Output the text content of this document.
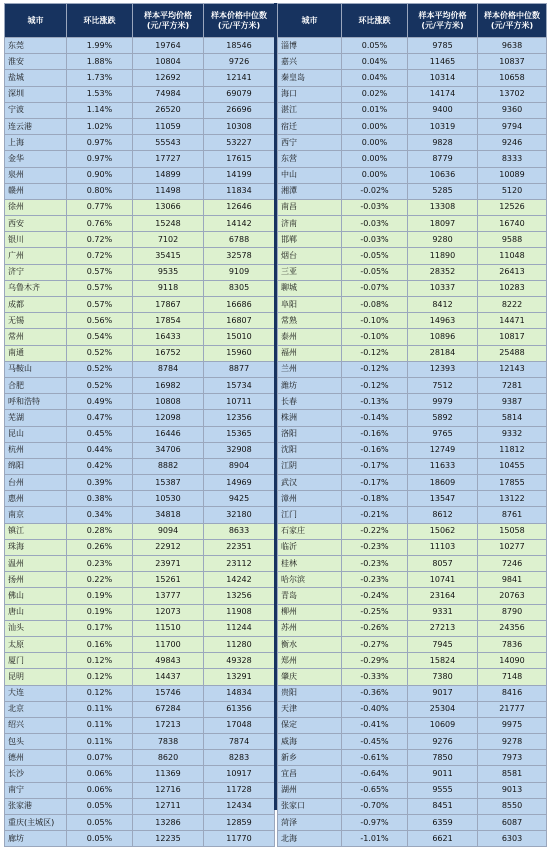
城市	环比涨跌	样本平均价格
(元/平方米)	样本价格中位数
(元/平方米)
东莞	1.99%	19764	18546
淮安	1.88%	10804	9726
盐城	1.73%	12692	12141
深圳	1.53%	74984	69079
宁波	1.14%	26520	26696
连云港	1.02%	11059	10308
上海	0.97%	55543	53227
金华	0.97%	17727	17615
泉州	0.90%	14899	14199
赣州	0.80%	11498	11834
徐州	0.77%	13066	12646
西安	0.76%	15248	14142
银川	0.72%	7102	6788
广州	0.72%	35415	32578
济宁	0.57%	9535	9109
乌鲁木齐	0.57%	9118	8305
成都	0.57%	17867	16686
无锡	0.56%	17854	16807
常州	0.54%	16433	15010
南通	0.52%	16752	15960
马鞍山	0.52%	8784	8877
合肥	0.52%	16982	15734
呼和浩特	0.49%	10808	10711
芜湖	0.47%	12098	12356
昆山	0.45%	16446	15365
杭州	0.44%	34706	32908
绵阳	0.42%	8882	8904
台州	0.39%	15387	14969
惠州	0.38%	10530	9425
南京	0.34%	34818	32180
镇江	0.28%	9094	8633
珠海	0.26%	22912	22351
温州	0.23%	23971	23112
扬州	0.22%	15261	14242
佛山	0.19%	13777	13256
唐山	0.19%	12073	11908
汕头	0.17%	11510	11244
太原	0.16%	11700	11280
厦门	0.12%	49843	49328
昆明	0.12%	14437	13291
大连	0.12%	15746	14834
北京	0.11%	67284	61356
绍兴	0.11%	17213	17048
包头	0.11%	7838	7874
德州	0.07%	8620	8283
长沙	0.06%	11369	10917
南宁	0.06%	12716	11728
张家港	0.05%	12711	12434
重庆(主城区)	0.05%	13286	12859
廊坊	0.05%	12235	11770
城市	环比涨跌	样本平均价格
(元/平方米)	样本价格中位数
(元/平方米)
淄博	0.05%	9785	9638
嘉兴	0.04%	11465	10837
秦皇岛	0.04%	10314	10658
海口	0.02%	14174	13702
湛江	0.01%	9400	9360
宿迁	0.00%	10319	9794
西宁	0.00%	9828	9246
东营	0.00%	8779	8333
中山	0.00%	10636	10089
湘潭	-0.02%	5285	5120
南昌	-0.03%	13308	12526
济南	-0.03%	18097	16740
邯郸	-0.03%	9280	9588
烟台	-0.05%	11890	11048
三亚	-0.05%	28352	26413
聊城	-0.07%	10337	10283
阜阳	-0.08%	8412	8222
常熟	-0.10%	14963	14471
泰州	-0.10%	10896	10817
福州	-0.12%	28184	25488
兰州	-0.12%	12393	12143
潍坊	-0.12%	7512	7281
长春	-0.13%	9979	9387
株洲	-0.14%	5892	5814
洛阳	-0.16%	9765	9332
沈阳	-0.16%	12749	11812
江阴	-0.17%	11633	10455
武汉	-0.17%	18609	17855
漳州	-0.18%	13547	13122
江门	-0.21%	8612	8761
石家庄	-0.22%	15062	15058
临沂	-0.23%	11103	10277
桂林	-0.23%	8057	7246
哈尔滨	-0.23%	10741	9841
青岛	-0.24%	23164	20763
柳州	-0.25%	9331	8790
苏州	-0.26%	27213	24356
衡水	-0.27%	7945	7836
郑州	-0.29%	15824	14090
肇庆	-0.33%	7380	7148
贵阳	-0.36%	9017	8416
天津	-0.40%	25304	21777
保定	-0.41%	10609	9975
威海	-0.45%	9276	9278
新乡	-0.61%	7850	7973
宜昌	-0.64%	9011	8581
湖州	-0.65%	9555	9013
张家口	-0.70%	8451	8550
菏泽	-0.97%	6359	6087
北海	-1.01%	6621	6303
